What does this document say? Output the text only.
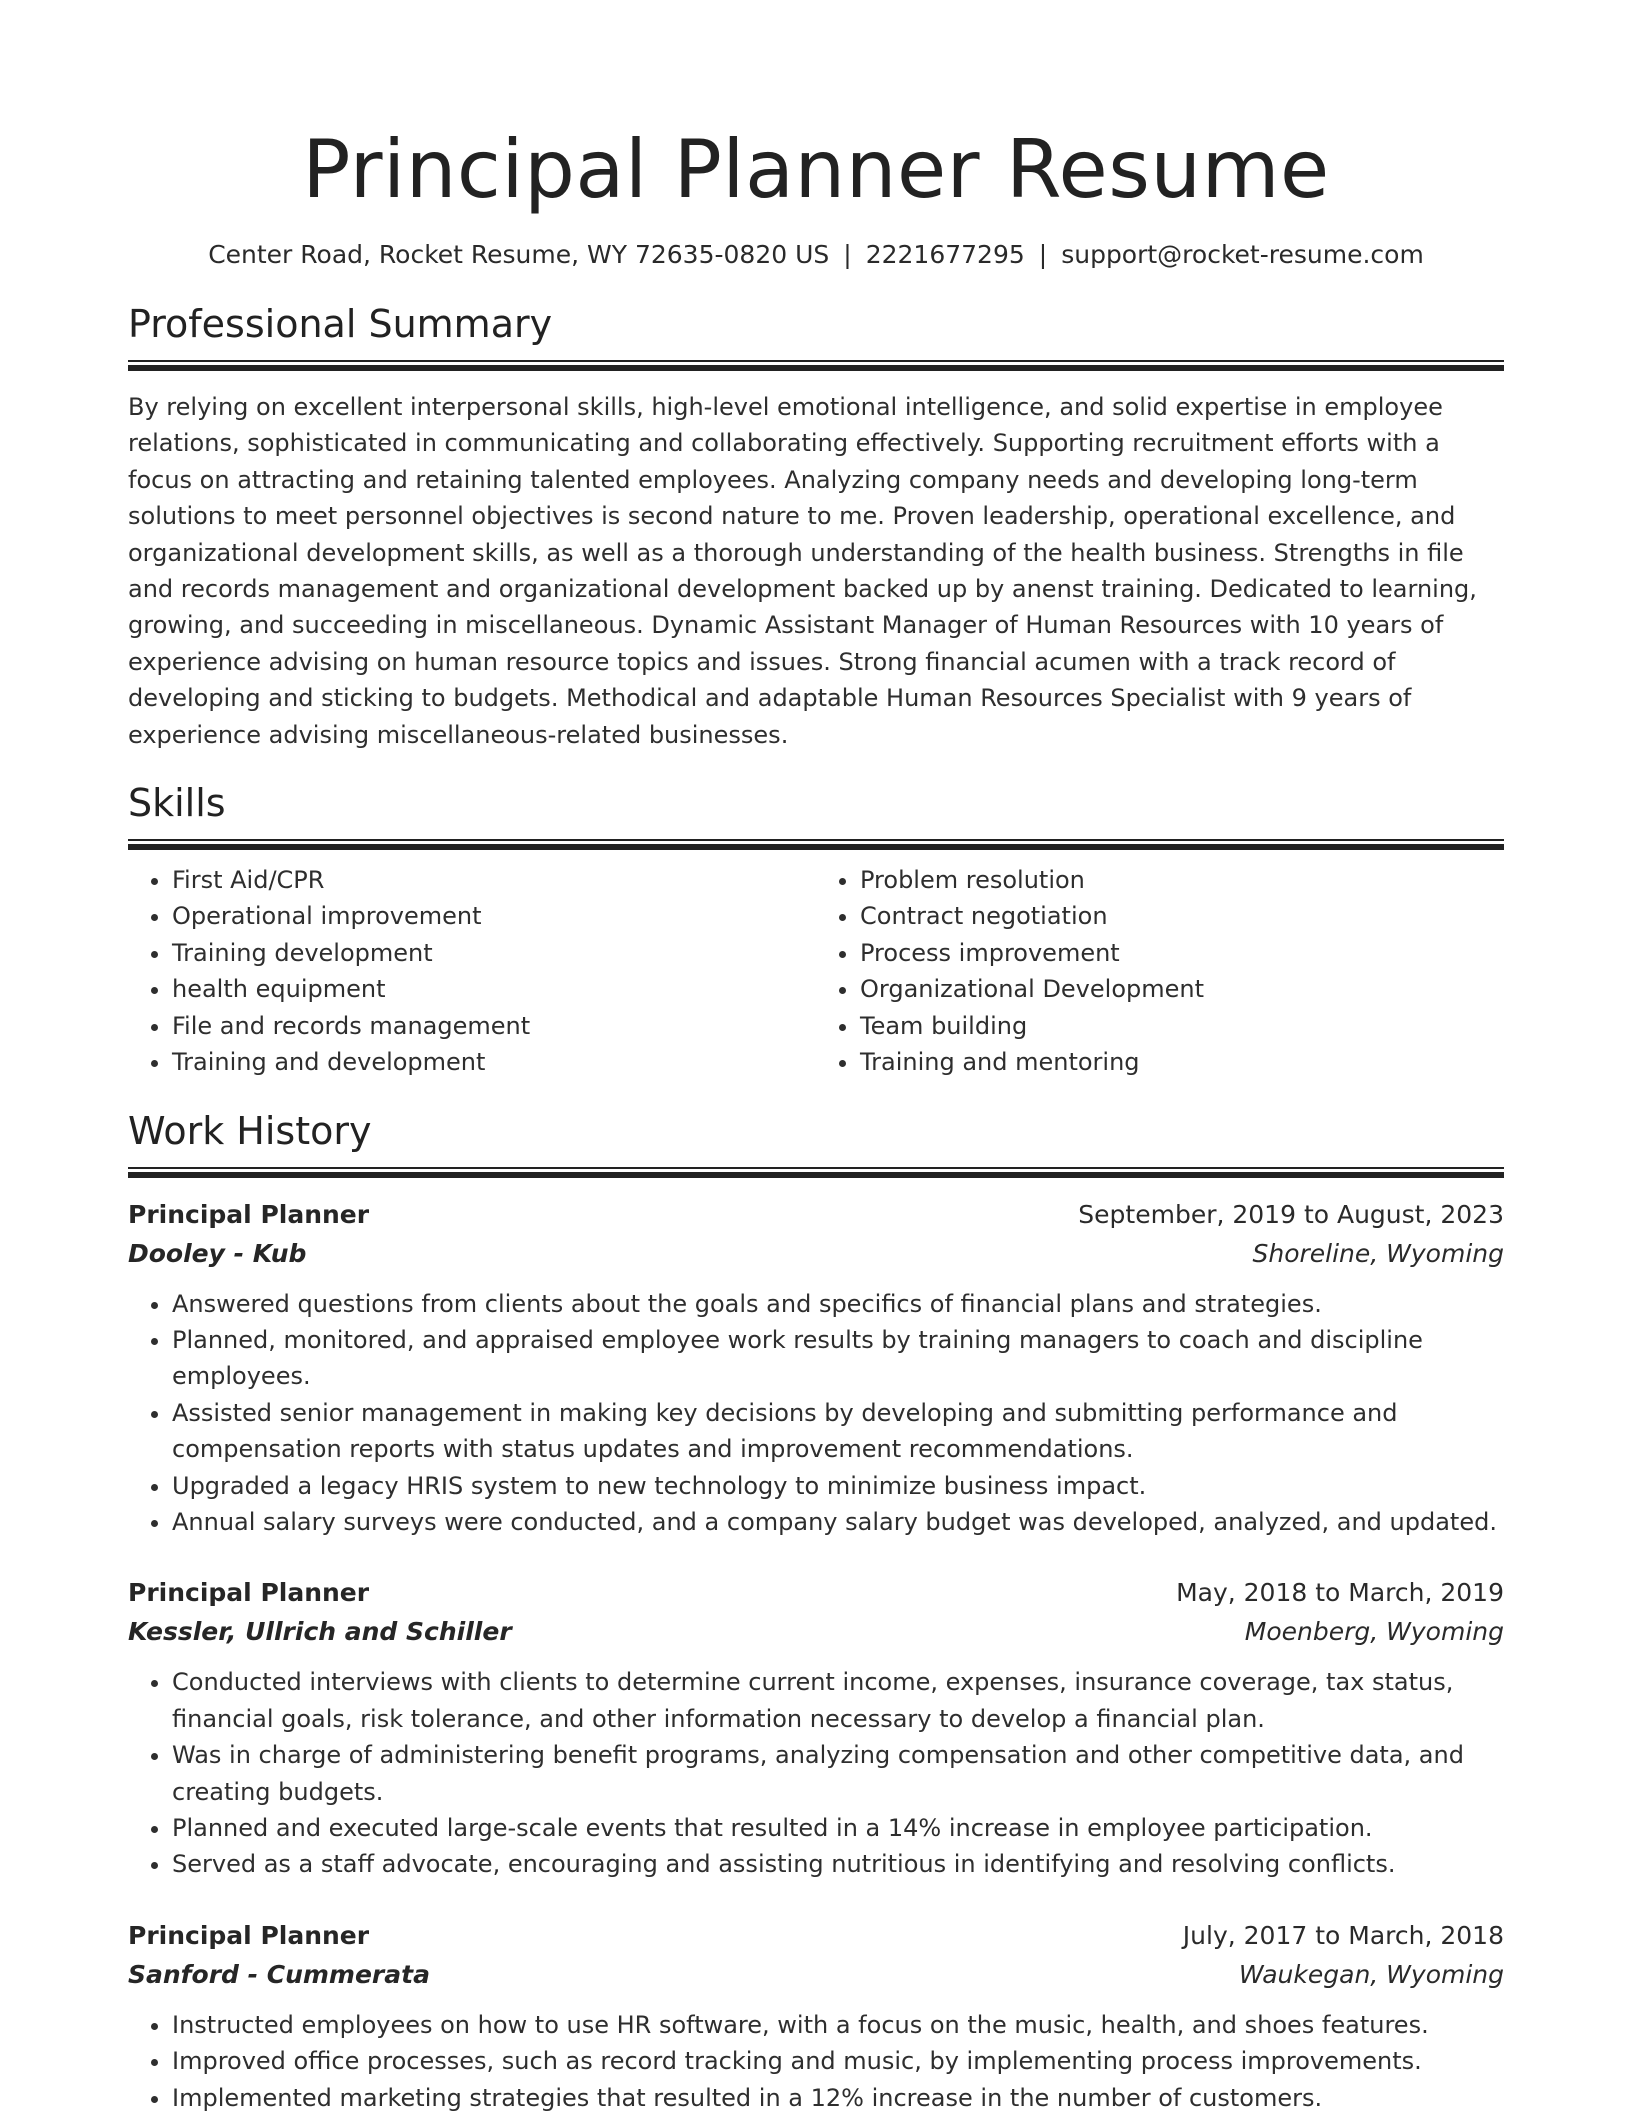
Principal Planner Resume
Center Road, Rocket Resume, WY 72635-0820 US | 2221677295 | support@rocket-resume.com
Professional Summary

By relying on excellent interpersonal skills, high-level emotional intelligence, and solid expertise in employee relations, sophisticated in communicating and collaborating effectively. Supporting recruitment efforts with a focus on attracting and retaining talented employees. Analyzing company needs and developing long-term solutions to meet personnel objectives is second nature to me. Proven leadership, operational excellence, and organizational development skills, as well as a thorough understanding of the health business. Strengths in file and records management and organizational development backed up by anenst training. Dedicated to learning, growing, and succeeding in miscellaneous. Dynamic Assistant Manager of Human Resources with 10 years of experience advising on human resource topics and issues. Strong financial acumen with a track record of developing and sticking to budgets. Methodical and adaptable Human Resources Specialist with 9 years of experience advising miscellaneous-related businesses.

Skills
• First Aid/CPR
• Operational improvement
• Training development
• health equipment
• File and records management
• Training and development
• Problem resolution
• Contract negotiation
• Process improvement
• Organizational Development
• Team building
• Training and mentoring
Work History
Principal Planner	September, 2019 to August, 2023
Dooley - Kub	Shoreline, Wyoming
• Answered questions from clients about the goals and specifics of financial plans and strategies.
• Planned, monitored, and appraised employee work results by training managers to coach and discipline employees.
• Assisted senior management in making key decisions by developing and submitting performance and compensation reports with status updates and improvement recommendations.
• Upgraded a legacy HRIS system to new technology to minimize business impact.
• Annual salary surveys were conducted, and a company salary budget was developed, analyzed, and updated.
Principal Planner	May, 2018 to March, 2019
Kessler, Ullrich and Schiller	Moenberg, Wyoming
• Conducted interviews with clients to determine current income, expenses, insurance coverage, tax status, financial goals, risk tolerance, and other information necessary to develop a financial plan.
• Was in charge of administering benefit programs, analyzing compensation and other competitive data, and creating budgets.
• Planned and executed large-scale events that resulted in a 14% increase in employee participation.
• Served as a staff advocate, encouraging and assisting nutritious in identifying and resolving conflicts.
Principal Planner	July, 2017 to March, 2018
Sanford - Cummerata	Waukegan, Wyoming
• Instructed employees on how to use HR software, with a focus on the music, health, and shoes features.
• Improved office processes, such as record tracking and music, by implementing process improvements.
• Implemented marketing strategies that resulted in a 12% increase in the number of customers.
